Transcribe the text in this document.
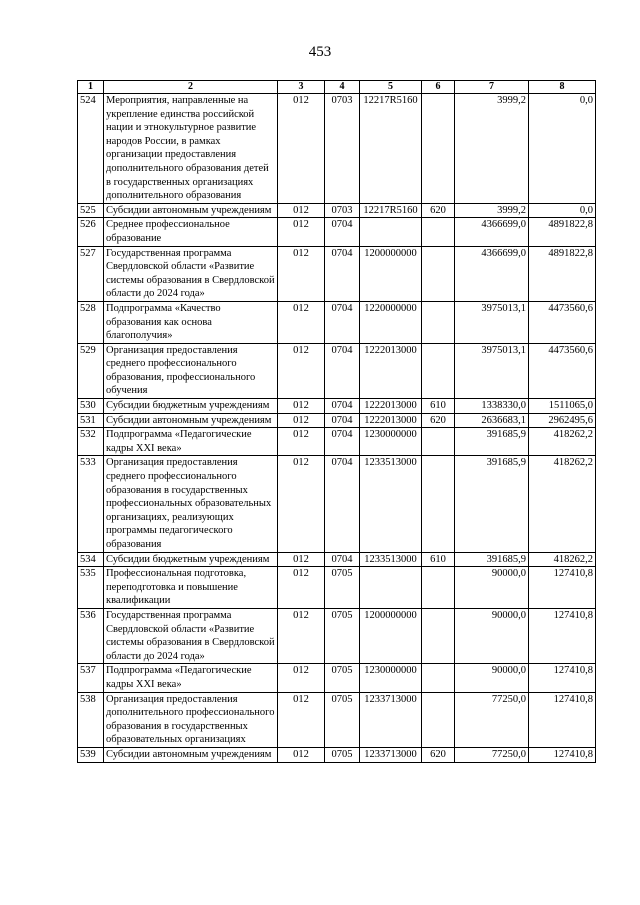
453
1	2	3	4	5	6	7	8
524	Мероприятия, направленные на укрепление единства российской нации и этнокультурное развитие народов России, в рамках организации предоставления дополнительного образования детей в государственных организациях дополнительного образования	012	0703	12217R5160		3999,2	0,0
525	Субсидии автономным учреждениям	012	0703	12217R5160	620	3999,2	0,0
526	Среднее профессиональное образование	012	0704			4366699,0	4891822,8
527	Государственная программа Свердловской области «Развитие системы образования в Свердловской области до 2024 года»	012	0704	1200000000		4366699,0	4891822,8
528	Подпрограмма «Качество образования как основа благополучия»	012	0704	1220000000		3975013,1	4473560,6
529	Организация предоставления среднего профессионального образования, профессионального обучения	012	0704	1222013000		3975013,1	4473560,6
530	Субсидии бюджетным учреждениям	012	0704	1222013000	610	1338330,0	1511065,0
531	Субсидии автономным учреждениям	012	0704	1222013000	620	2636683,1	2962495,6
532	Подпрограмма «Педагогические кадры XXI века»	012	0704	1230000000		391685,9	418262,2
533	Организация предоставления среднего профессионального образования в государственных профессиональных образовательных организациях, реализующих программы педагогического образования	012	0704	1233513000		391685,9	418262,2
534	Субсидии бюджетным учреждениям	012	0704	1233513000	610	391685,9	418262,2
535	Профессиональная подготовка, переподготовка и повышение квалификации	012	0705			90000,0	127410,8
536	Государственная программа Свердловской области «Развитие системы образования в Свердловской области до 2024 года»	012	0705	1200000000		90000,0	127410,8
537	Подпрограмма «Педагогические кадры XXI века»	012	0705	1230000000		90000,0	127410,8
538	Организация предоставления дополнительного профессионального образования в государственных образовательных организациях	012	0705	1233713000		77250,0	127410,8
539	Субсидии автономным учреждениям	012	0705	1233713000	620	77250,0	127410,8
